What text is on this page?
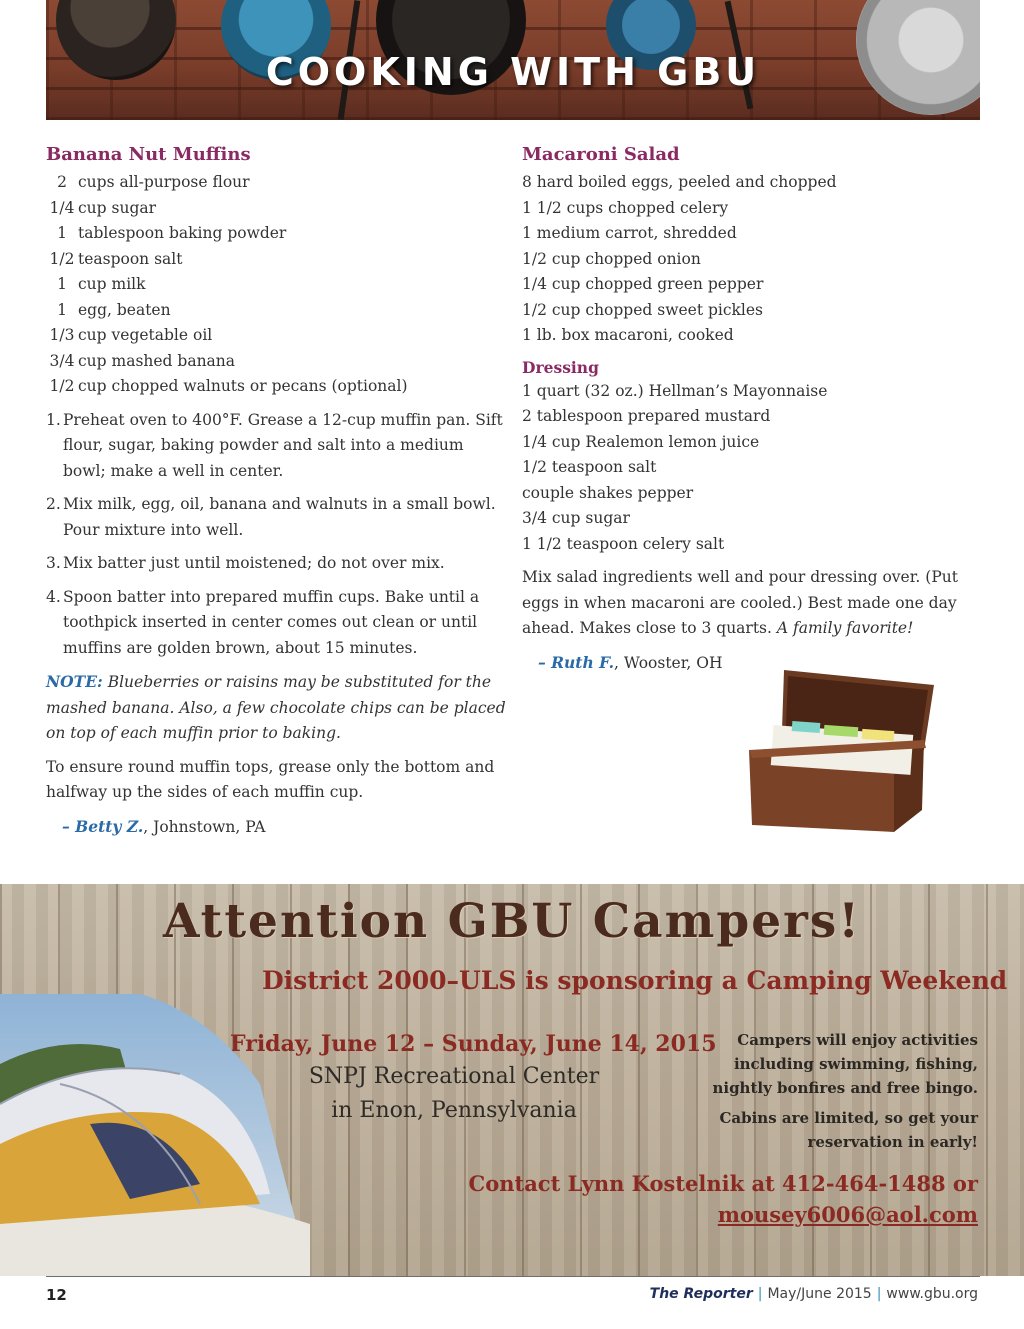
COOKING WITH GBU
Banana Nut Muffins
2 cups all-purpose flour
1/4 cup sugar
1 tablespoon baking powder
1/2 teaspoon salt
1 cup milk
1 egg, beaten
1/3 cup vegetable oil
3/4 cup mashed banana
1/2 cup chopped walnuts or pecans (optional)
1. Preheat oven to 400°F. Grease a 12-cup muffin pan. Sift flour, sugar, baking powder and salt into a medium bowl; make a well in center.
2. Mix milk, egg, oil, banana and walnuts in a small bowl. Pour mixture into well.
3. Mix batter just until moistened; do not over mix.
4. Spoon batter into prepared muffin cups. Bake until a toothpick inserted in center comes out clean or until muffins are golden brown, about 15 minutes.
NOTE: Blueberries or raisins may be substituted for the mashed banana. Also, a few chocolate chips can be placed on top of each muffin prior to baking.
To ensure round muffin tops, grease only the bottom and halfway up the sides of each muffin cup.
– Betty Z., Johnstown, PA
Macaroni Salad
8 hard boiled eggs, peeled and chopped
1 1/2 cups chopped celery
1 medium carrot, shredded
1/2 cup chopped onion
1/4 cup chopped green pepper
1/2 cup chopped sweet pickles
1 lb. box macaroni, cooked
Dressing
1 quart (32 oz.) Hellman’s Mayonnaise
2 tablespoon prepared mustard
1/4 cup Realemon lemon juice
1/2 teaspoon salt
couple shakes pepper
3/4 cup sugar
1 1/2 teaspoon celery salt
Mix salad ingredients well and pour dressing over. (Put eggs in when macaroni are cooled.) Best made one day ahead. Makes close to 3 quarts. A family favorite!
– Ruth F., Wooster, OH
Attention GBU Campers!
District 2000–ULS is sponsoring a Camping Weekend
Friday, June 12 – Sunday, June 14, 2015
SNPJ Recreational Center
in Enon, Pennsylvania
Campers will enjoy activities including swimming, fishing, nightly bonfires and free bingo.
Cabins are limited, so get your reservation in early!
Contact Lynn Kostelnik at 412-464-1488 or
mousey6006@aol.com
12	The Reporter | May/June 2015 | www.gbu.org
